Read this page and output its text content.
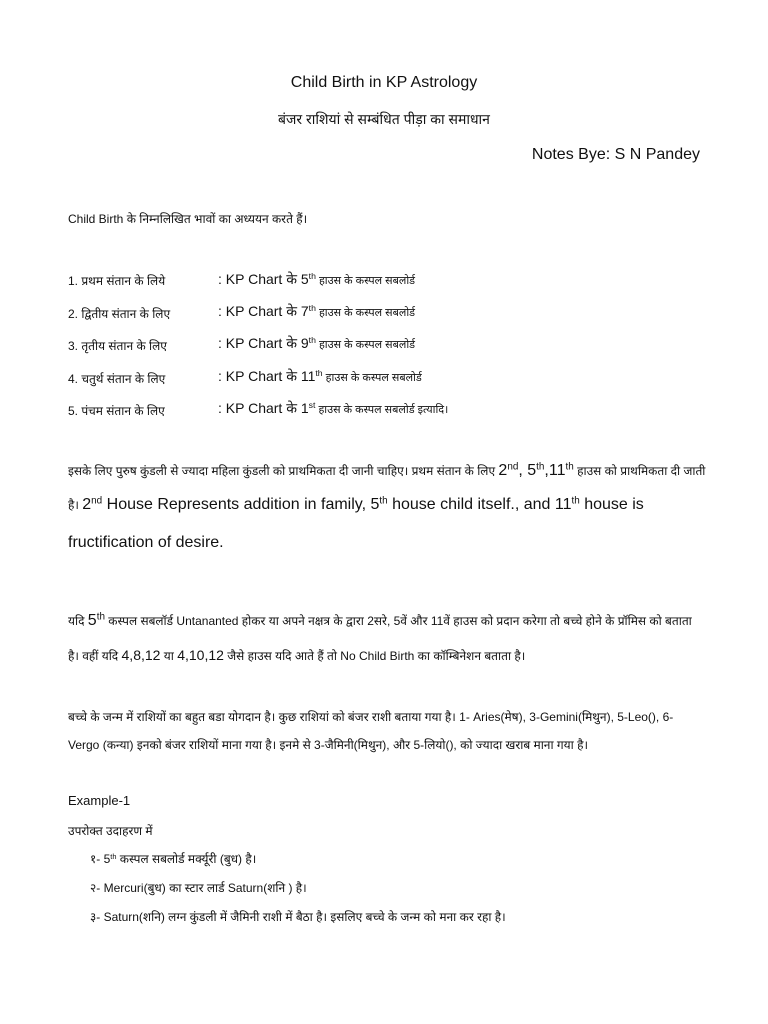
Child Birth in KP Astrology
बंजर राशियां से सम्बंधित पीड़ा का समाधान
Notes Bye: S N Pandey
Child Birth के निम्नलिखित भावों का अध्ययन करते हैं।
1. प्रथम संतान के लिये	: KP Chart के 5th हाउस के कस्पल सबलोर्ड
2. द्वितीय संतान के लिए	: KP Chart के 7th हाउस के कस्पल सबलोर्ड
3. तृतीय संतान के लिए	: KP Chart के 9th हाउस के कस्पल सबलोर्ड
4. चतुर्थ संतान के लिए	: KP Chart के 11th हाउस के कस्पल सबलोर्ड
5. पंचम संतान के लिए	: KP Chart के 1st हाउस के कस्पल सबलोर्ड इत्यादि।
इसके लिए पुरुष कुंडली से ज्यादा महिला कुंडली को प्राथमिकता दी जानी चाहिए। प्रथम संतान के लिए 2nd, 5th,11th हाउस को प्राथमिकता दी जाती
है। 2nd House Represents addition in family, 5th house child itself., and 11th house is
fructification of desire.
यदि 5th कस्पल सबलॉर्ड Untananted होकर या अपने नक्षत्र के द्वारा 2सरे, 5वें और 11वें हाउस को प्रदान करेगा तो बच्चे होने के प्रॉमिस को बताता
है। वहीं यदि 4,8,12 या 4,10,12 जैसे हाउस यदि आते हैं तो No Child Birth का कॉम्बिनेशन बताता है।
बच्चे के जन्म में राशियों का बहुत बडा योगदान है। कुछ राशियां को बंजर राशी बताया गया है। 1- Aries(मेष), 3-Gemini(मिथुन), 5-Leo(), 6-
Vergo (कन्या) इनको बंजर राशियों माना गया है। इनमे से 3-जैमिनी(मिथुन), और 5-लियो(), को ज्यादा खराब माना गया है।
Example-1
उपरोक्त उदाहरण में
१- 5th कस्पल सबलोर्ड मर्क्यूरी (बुध) है।
२- Mercuri(बुध) का स्टार लार्ड Saturn(शनि ) है।
३- Saturn(शनि) लग्न कुंडली में जैमिनी राशी में बैठा है। इसलिए बच्चे के जन्म को मना कर रहा है।
